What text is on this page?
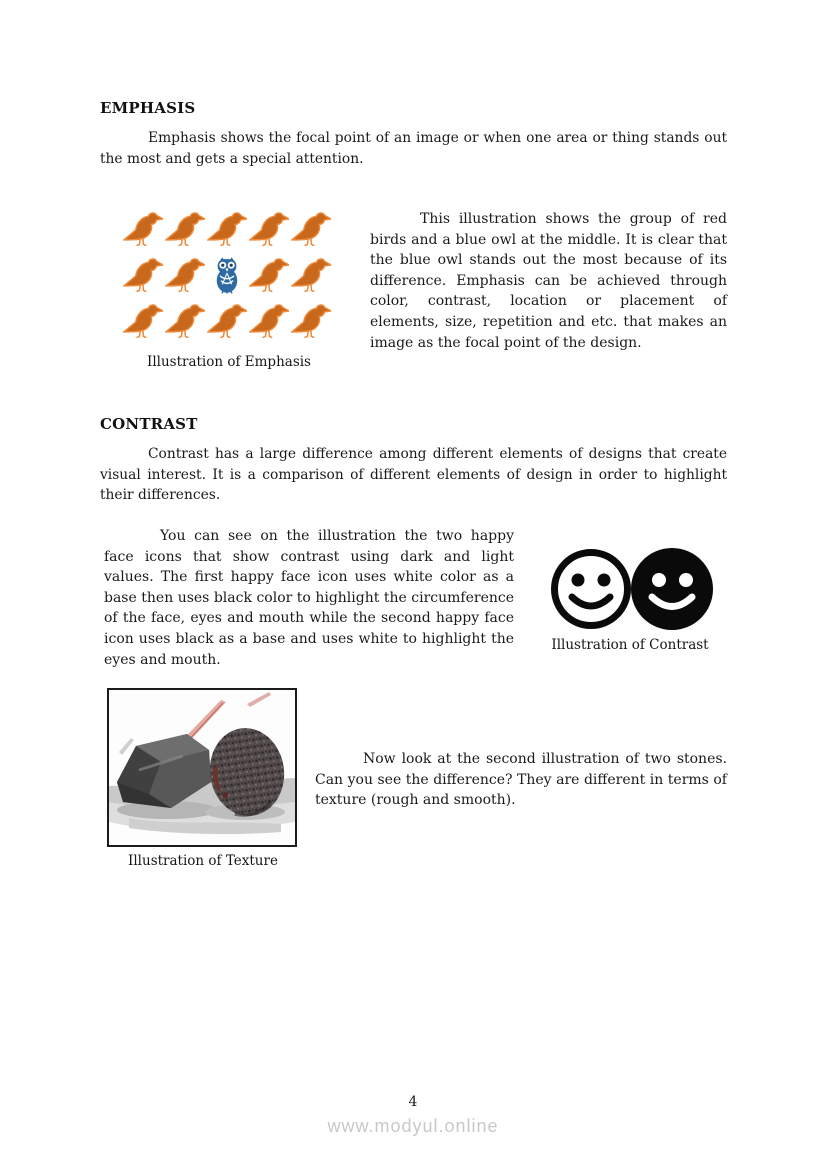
EMPHASIS

Emphasis shows the focal point of an image or when one area or thing stands out the most and gets a special attention.

Illustration of Emphasis

This illustration shows the group of red birds and a blue owl at the middle. It is clear that the blue owl stands out the most because of its difference. Emphasis can be achieved through color, contrast, location or placement of elements, size, repetition and etc. that makes an image as the focal point of the design.

CONTRAST

Contrast has a large difference among different elements of designs that create visual interest. It is a comparison of different elements of design in order to highlight their differences.

You can see on the illustration the two happy face icons that show contrast using dark and light values. The first happy face icon uses white color as a base then uses black color to highlight the circumference of the face, eyes and mouth while the second happy face icon uses black as a base and uses white to highlight the eyes and mouth.

Illustration of Contrast
Illustration of Texture

Now look at the second illustration of two stones. Can you see the difference? They are different in terms of texture (rough and smooth).

4
www.modyul.online
